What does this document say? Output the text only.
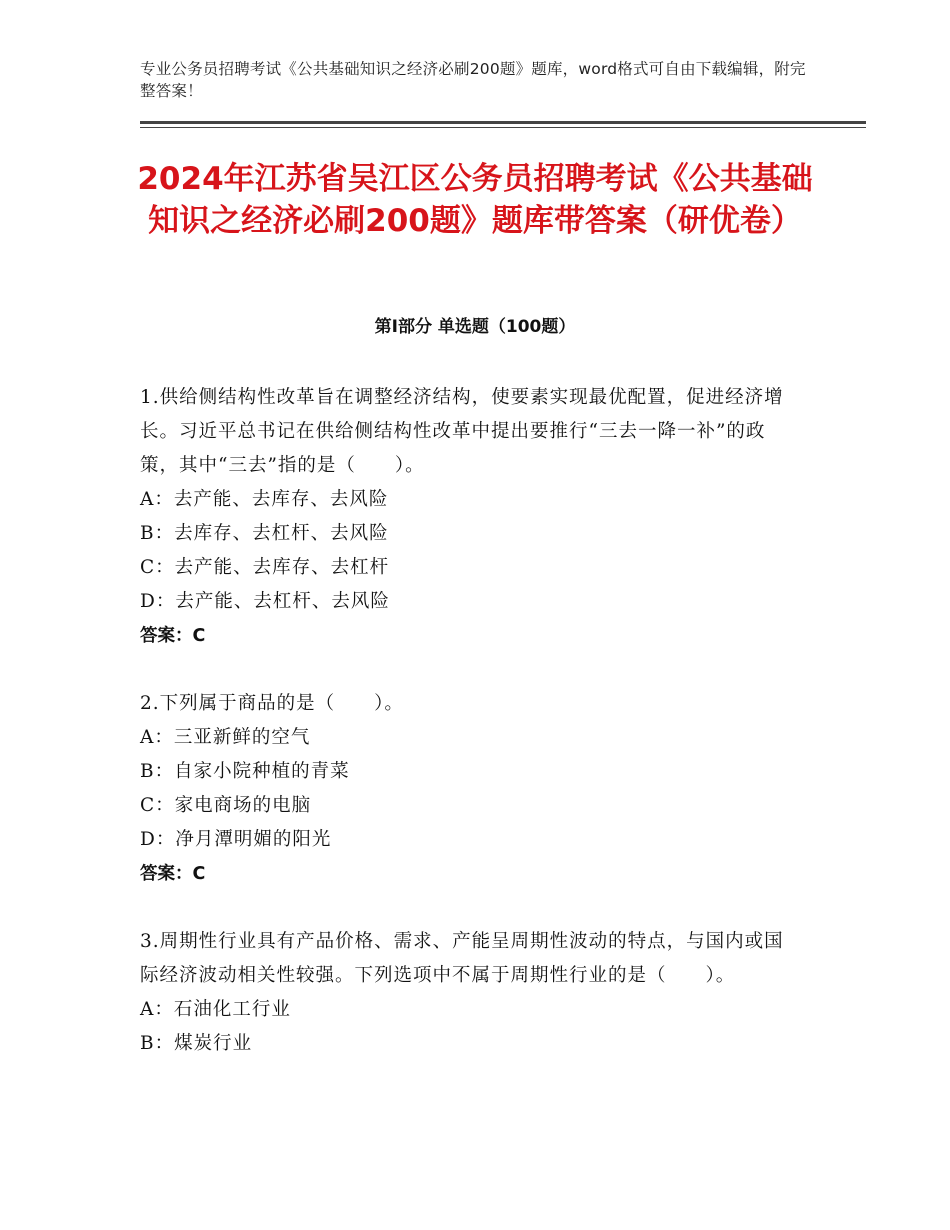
专业公务员招聘考试《公共基础知识之经济必刷200题》题库，word格式可自由下载编辑，附完整答案！
2024年江苏省吴江区公务员招聘考试《公共基础知识之经济必刷200题》题库带答案（研优卷）
第Ⅰ部分 单选题（100题）
1.供给侧结构性改革旨在调整经济结构，使要素实现最优配置，促进经济增长。习近平总书记在供给侧结构性改革中提出要推行“三去一降一补”的政策，其中“三去”指的是（　　）。
A：去产能、去库存、去风险
B：去库存、去杠杆、去风险
C：去产能、去库存、去杠杆
D：去产能、去杠杆、去风险
答案：C
2.下列属于商品的是（　　）。
A：三亚新鲜的空气
B：自家小院种植的青菜
C：家电商场的电脑
D：净月潭明媚的阳光
答案：C
3.周期性行业具有产品价格、需求、产能呈周期性波动的特点，与国内或国际经济波动相关性较强。下列选项中不属于周期性行业的是（　　）。
A：石油化工行业
B：煤炭行业
